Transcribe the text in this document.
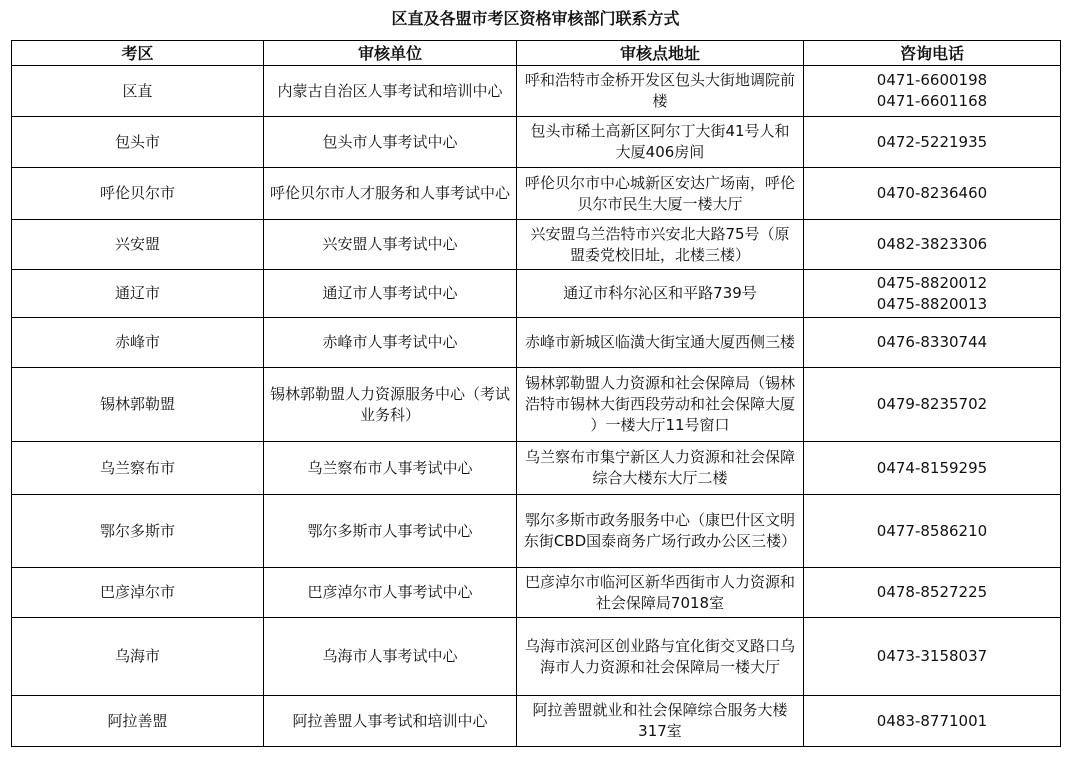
区直及各盟市考区资格审核部门联系方式
考区	审核单位	审核点地址	咨询电话
区直	内蒙古自治区人事考试和培训中心	呼和浩特市金桥开发区包头大街地调院前楼	0471-6600198
0471-6601168
包头市	包头市人事考试中心	包头市稀土高新区阿尔丁大街41号人和大厦406房间	0472-5221935
呼伦贝尔市	呼伦贝尔市人才服务和人事考试中心	呼伦贝尔市中心城新区安达广场南，呼伦贝尔市民生大厦一楼大厅	0470-8236460
兴安盟	兴安盟人事考试中心	兴安盟乌兰浩特市兴安北大路75号（原盟委党校旧址，北楼三楼）	0482-3823306
通辽市	通辽市人事考试中心	通辽市科尔沁区和平路739号	0475-8820012
0475-8820013
赤峰市	赤峰市人事考试中心	赤峰市新城区临潢大街宝通大厦西侧三楼	0476-8330744
锡林郭勒盟	锡林郭勒盟人力资源服务中心（考试业务科）	锡林郭勒盟人力资源和社会保障局（锡林浩特市锡林大街西段劳动和社会保障大厦 ）一楼大厅11号窗口	0479-8235702
乌兰察布市	乌兰察布市人事考试中心	乌兰察布市集宁新区人力资源和社会保障综合大楼东大厅二楼	0474-8159295
鄂尔多斯市	鄂尔多斯市人事考试中心	鄂尔多斯市政务服务中心（康巴什区文明东街CBD国泰商务广场行政办公区三楼）	0477-8586210
巴彦淖尔市	巴彦淖尔市人事考试中心	巴彦淖尔市临河区新华西街市人力资源和社会保障局7018室	0478-8527225
乌海市	乌海市人事考试中心	乌海市滨河区创业路与宜化街交叉路口乌海市人力资源和社会保障局一楼大厅	0473-3158037
阿拉善盟	阿拉善盟人事考试和培训中心	阿拉善盟就业和社会保障综合服务大楼317室	0483-8771001
